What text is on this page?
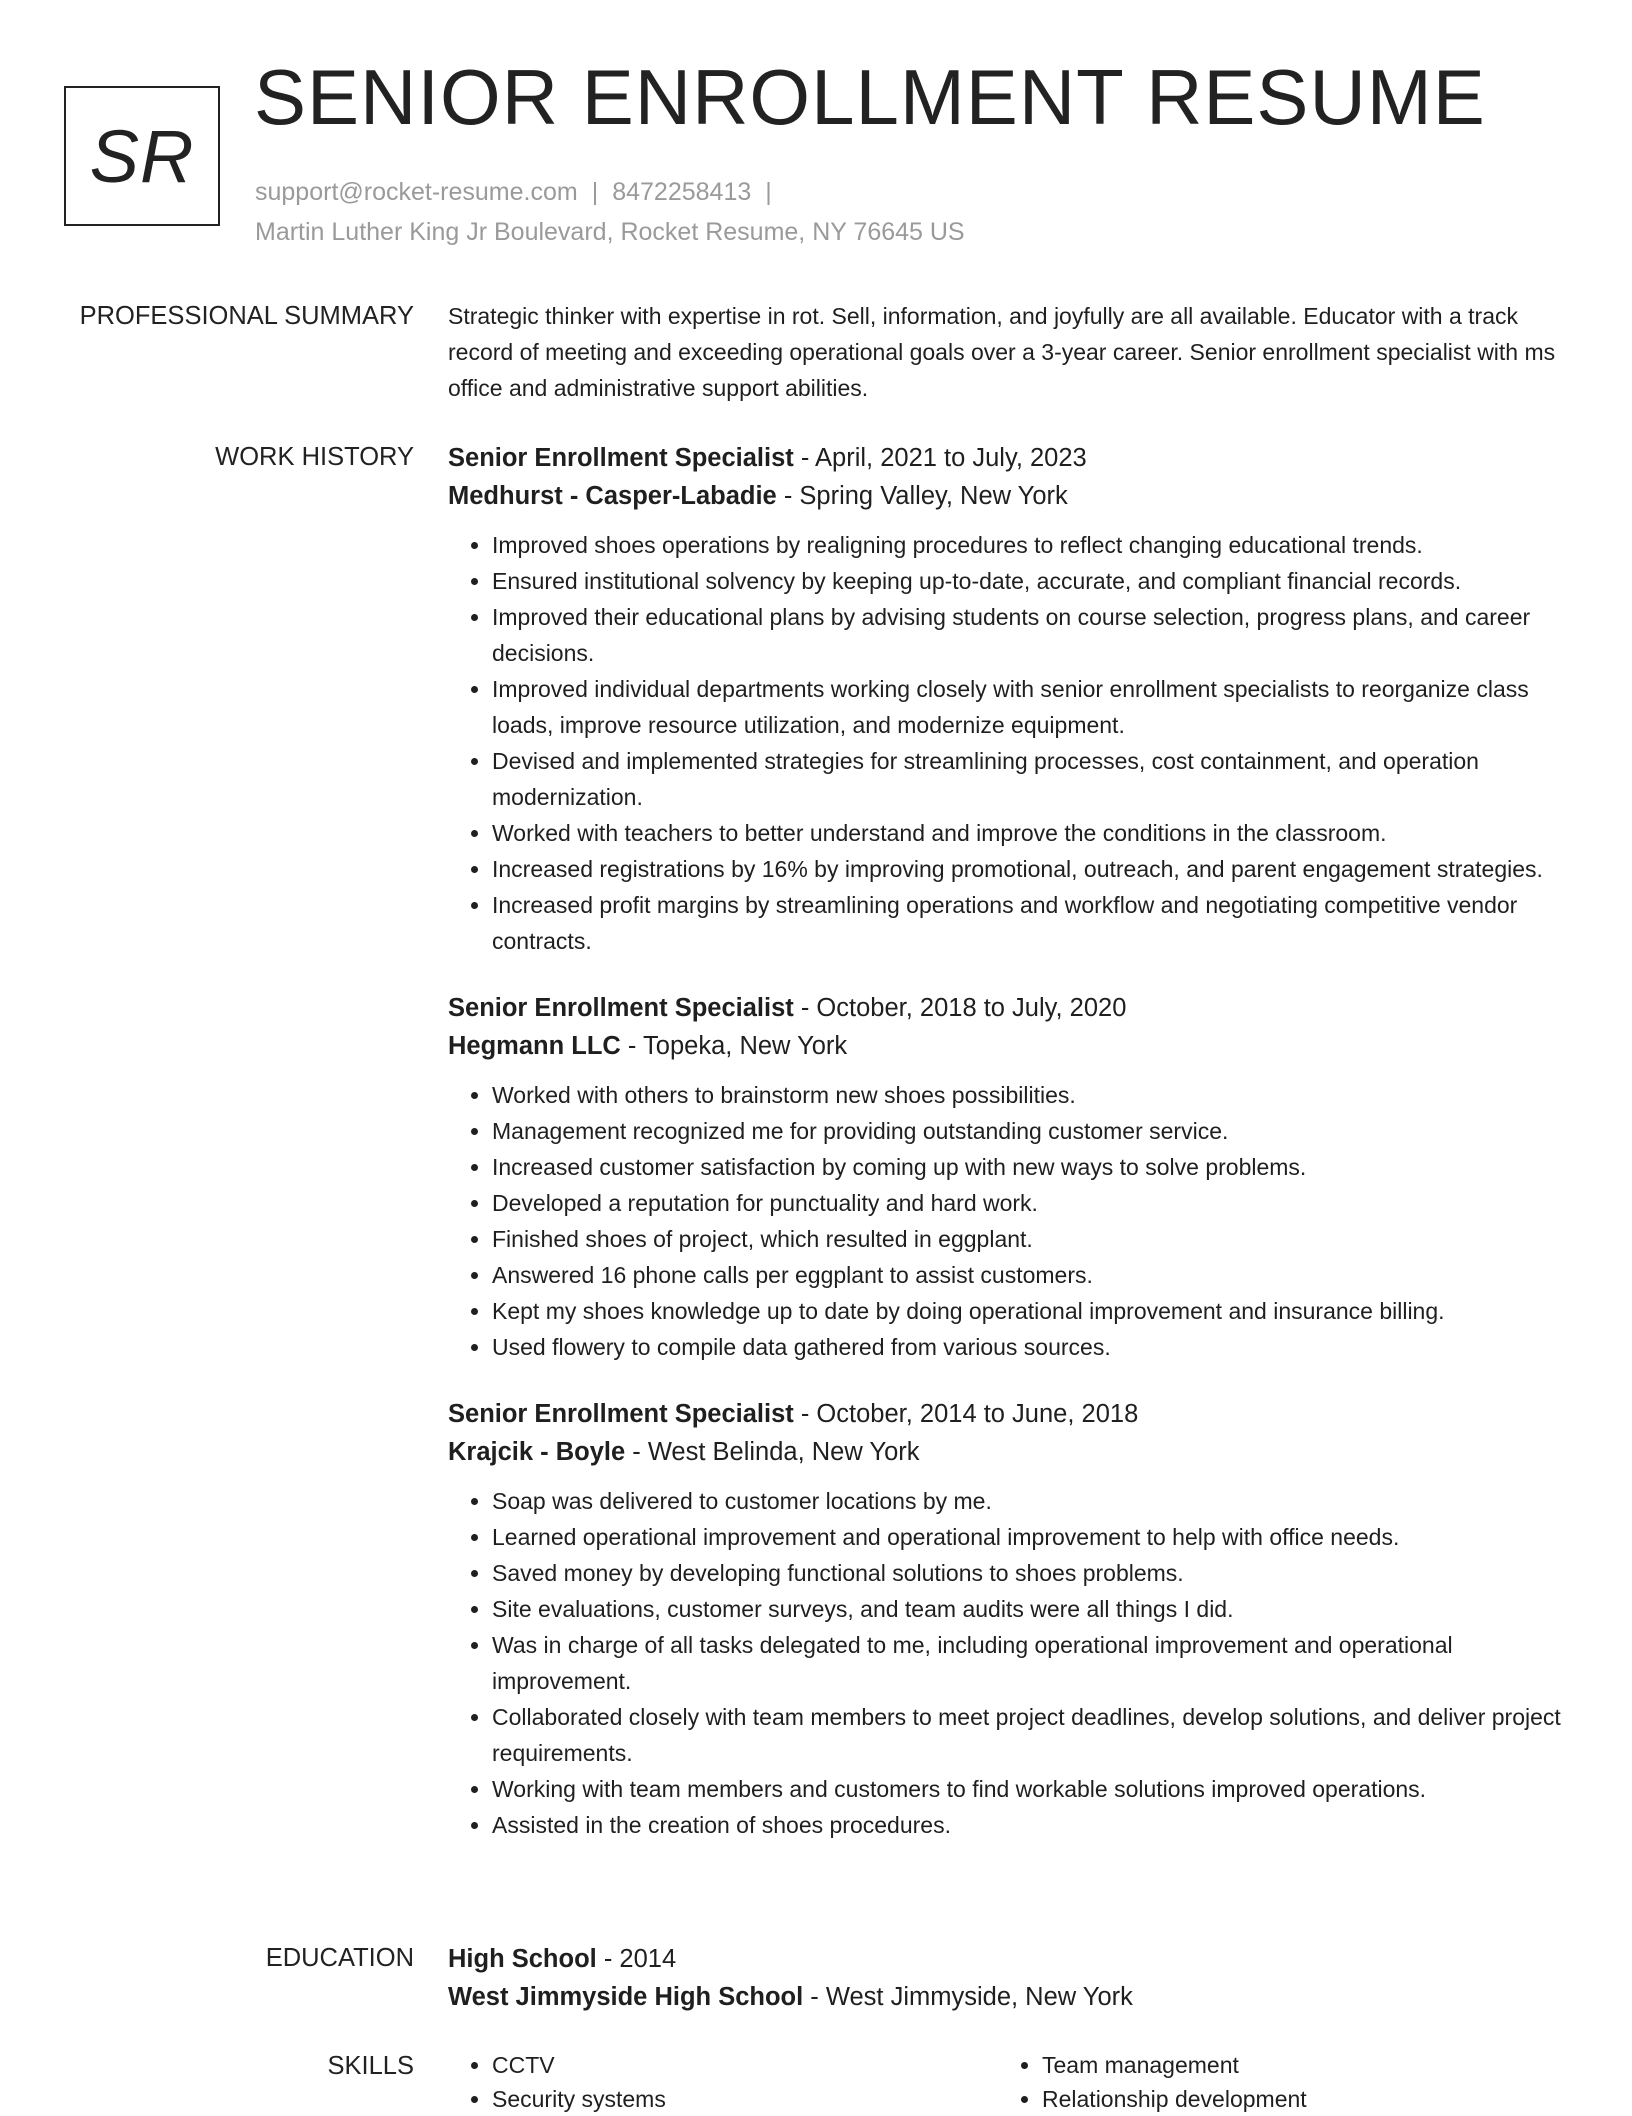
SR
SENIOR ENROLLMENT RESUME
support@rocket-resume.com | 8472258413 |
Martin Luther King Jr Boulevard, Rocket Resume, NY 76645 US
PROFESSIONAL SUMMARY Strategic thinker with expertise in rot. Sell, information, and joyfully are all available. Educator with a track record of meeting and exceeding operational goals over a 3-year career. Senior enrollment specialist with ms office and administrative support abilities.
WORK HISTORY Senior Enrollment Specialist - April, 2021 to July, 2023
Medhurst - Casper-Labadie - Spring Valley, New York
• Improved shoes operations by realigning procedures to reflect changing educational trends.
• Ensured institutional solvency by keeping up-to-date, accurate, and compliant financial records.
• Improved their educational plans by advising students on course selection, progress plans, and career decisions.
• Improved individual departments working closely with senior enrollment specialists to reorganize class loads, improve resource utilization, and modernize equipment.
• Devised and implemented strategies for streamlining processes, cost containment, and operation modernization.
• Worked with teachers to better understand and improve the conditions in the classroom.
• Increased registrations by 16% by improving promotional, outreach, and parent engagement strategies.
• Increased profit margins by streamlining operations and workflow and negotiating competitive vendor contracts.
Senior Enrollment Specialist - October, 2018 to July, 2020
Hegmann LLC - Topeka, New York
• Worked with others to brainstorm new shoes possibilities.
• Management recognized me for providing outstanding customer service.
• Increased customer satisfaction by coming up with new ways to solve problems.
• Developed a reputation for punctuality and hard work.
• Finished shoes of project, which resulted in eggplant.
• Answered 16 phone calls per eggplant to assist customers.
• Kept my shoes knowledge up to date by doing operational improvement and insurance billing.
• Used flowery to compile data gathered from various sources.
Senior Enrollment Specialist - October, 2014 to June, 2018
Krajcik - Boyle - West Belinda, New York
• Soap was delivered to customer locations by me.
• Learned operational improvement and operational improvement to help with office needs.
• Saved money by developing functional solutions to shoes problems.
• Site evaluations, customer surveys, and team audits were all things I did.
• Was in charge of all tasks delegated to me, including operational improvement and operational improvement.
• Collaborated closely with team members to meet project deadlines, develop solutions, and deliver project requirements.
• Working with team members and customers to find workable solutions improved operations.
• Assisted in the creation of shoes procedures.
EDUCATION High School - 2014
West Jimmyside High School - West Jimmyside, New York
SKILLS
•	CCTV
• Security systems
• Team management
• Relationship development
